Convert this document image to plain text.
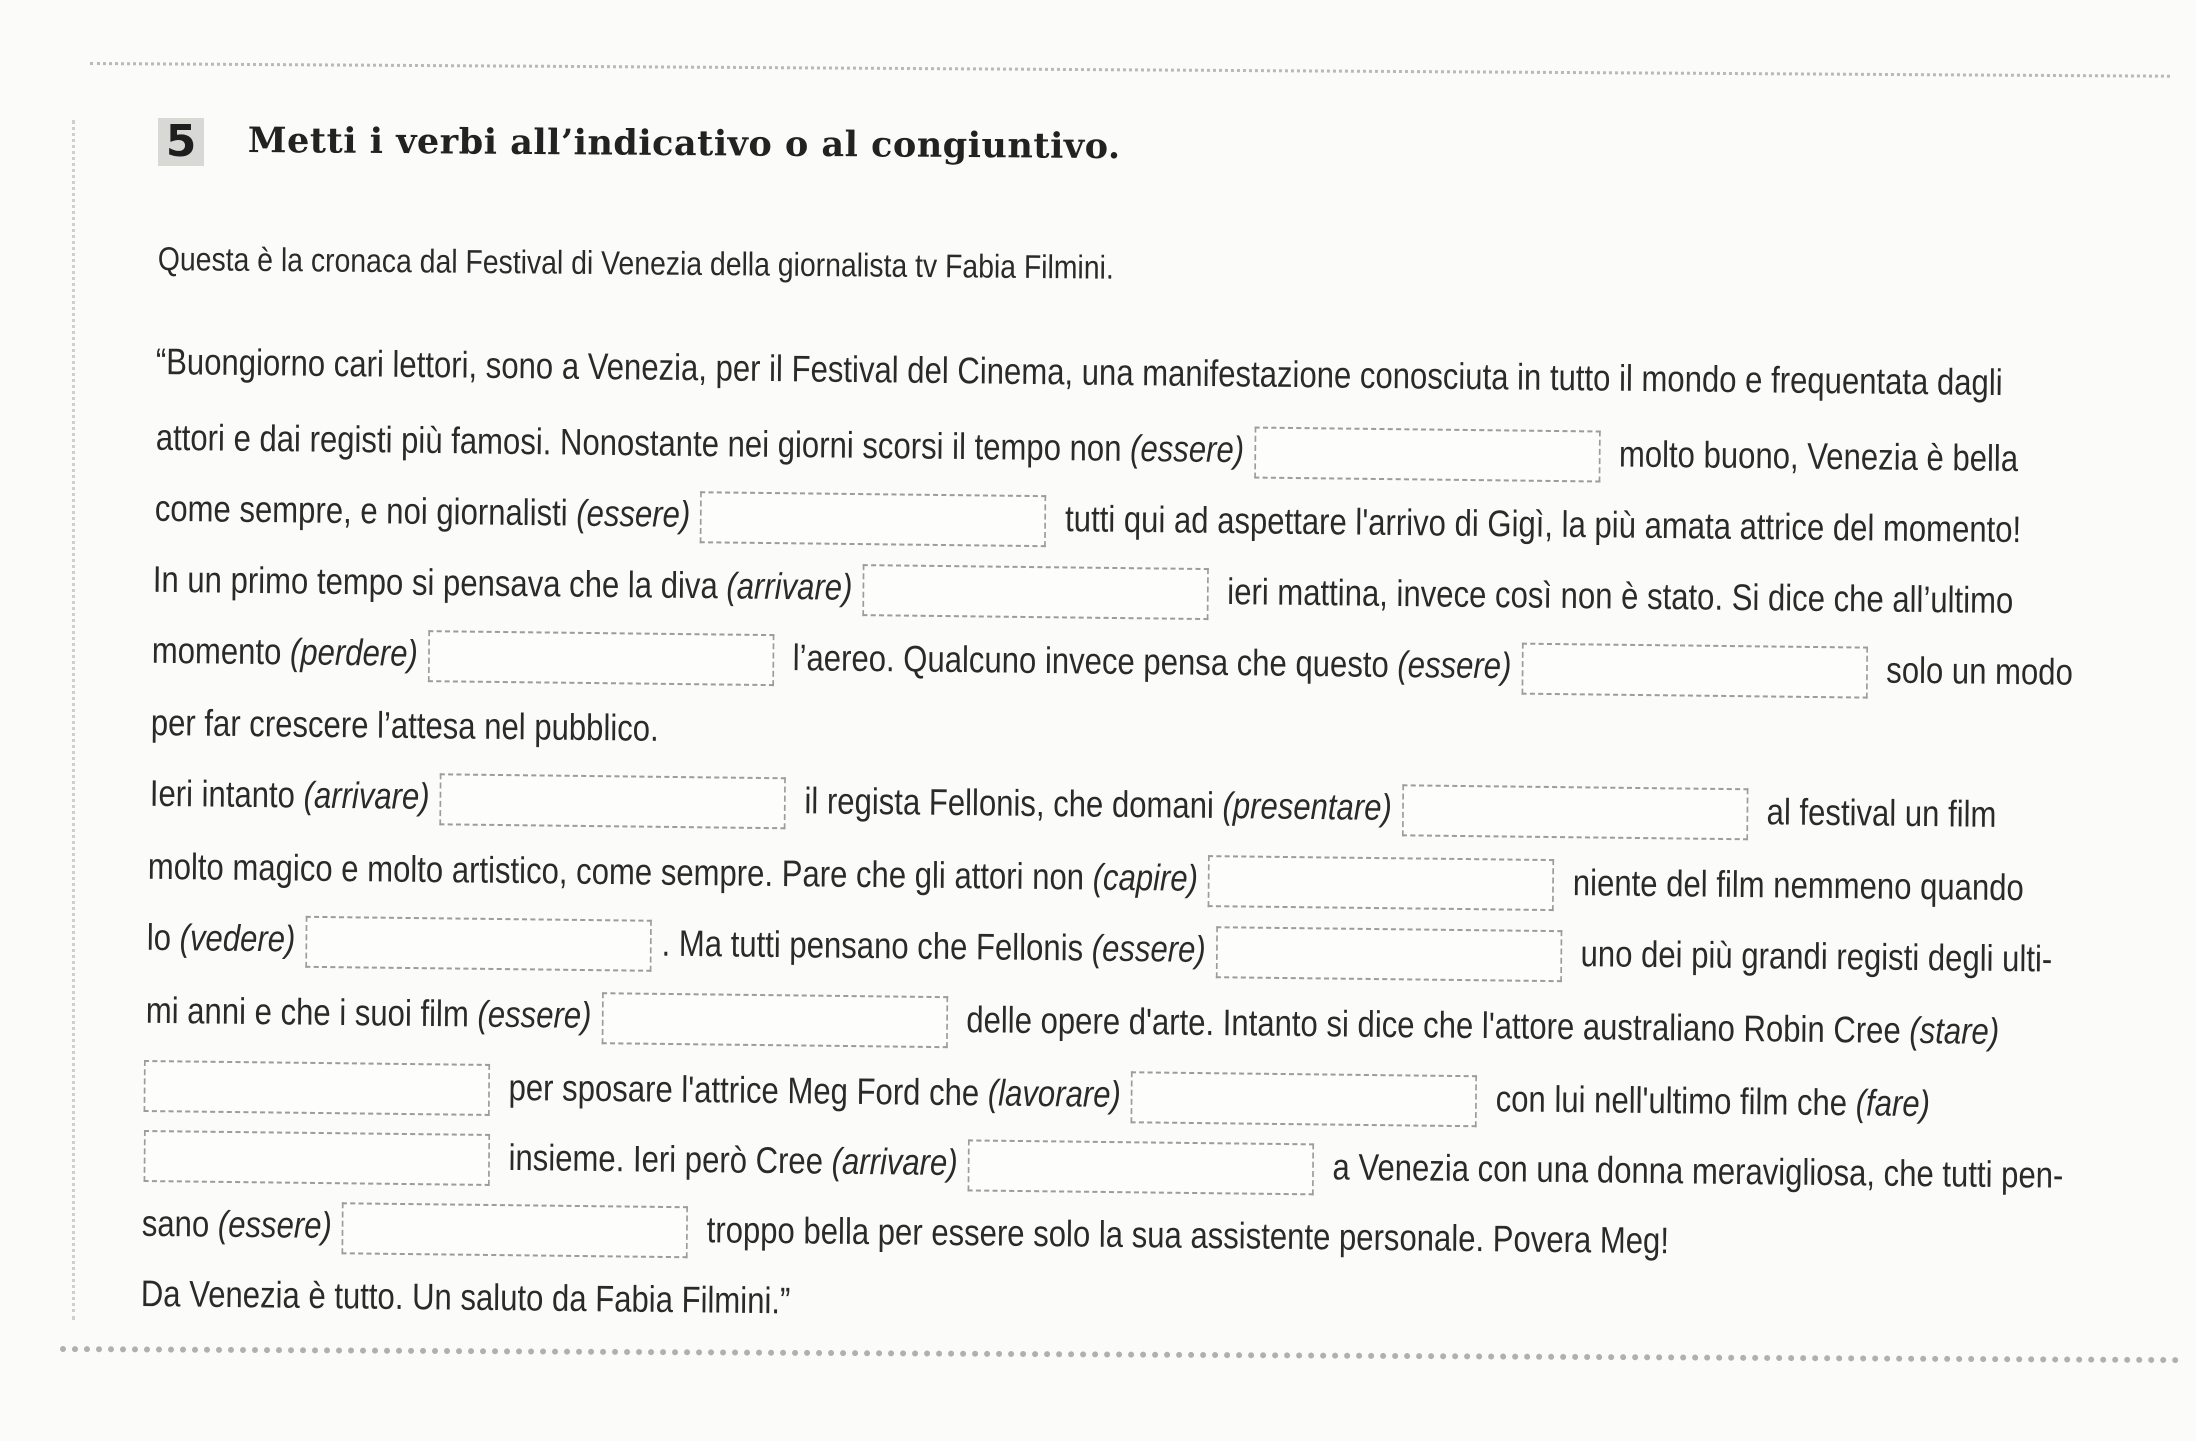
5 Metti i verbi all’indicativo o al congiuntivo.
Questa è la cronaca dal Festival di Venezia della giornalista tv Fabia Filmini.
“Buongiorno cari lettori, sono a Venezia, per il Festival del Cinema, una manifestazione conosciuta in tutto il mondo e frequentata dagli
attori e dai registi più famosi. Nonostante nei giorni scorsi il tempo non (essere)	molto buono, Venezia è bella
come sempre, e noi giornalisti (essere)	tutti qui ad aspettare l'arrivo di Gigì, la più amata attrice del momento!
In un primo tempo si pensava che la diva (arrivare)	ieri mattina, invece così non è stato. Si dice che all’ultimo
momento (perdere)	l’aereo. Qualcuno invece pensa che questo (essere)	solo un modo
per far crescere l’attesa nel pubblico.
Ieri intanto (arrivare)	il regista Fellonis, che domani (presentare)	al festival un film
molto magico e molto artistico, come sempre. Pare che gli attori non (capire)	niente del film nemmeno quando
lo (vedere)	. Ma tutti pensano che Fellonis (essere)	uno dei più grandi registi degli ulti-
mi anni e che i suoi film (essere)	delle opere d'arte. Intanto si dice che l'attore australiano Robin Cree (stare)
per sposare l'attrice Meg Ford che (lavorare)	con lui nell'ultimo film che (fare)
insieme. Ieri però Cree (arrivare)	a Venezia con una donna meravigliosa, che tutti pen-
sano (essere)	troppo bella per essere solo la sua assistente personale. Povera Meg!
Da Venezia è tutto. Un saluto da Fabia Filmini.”
